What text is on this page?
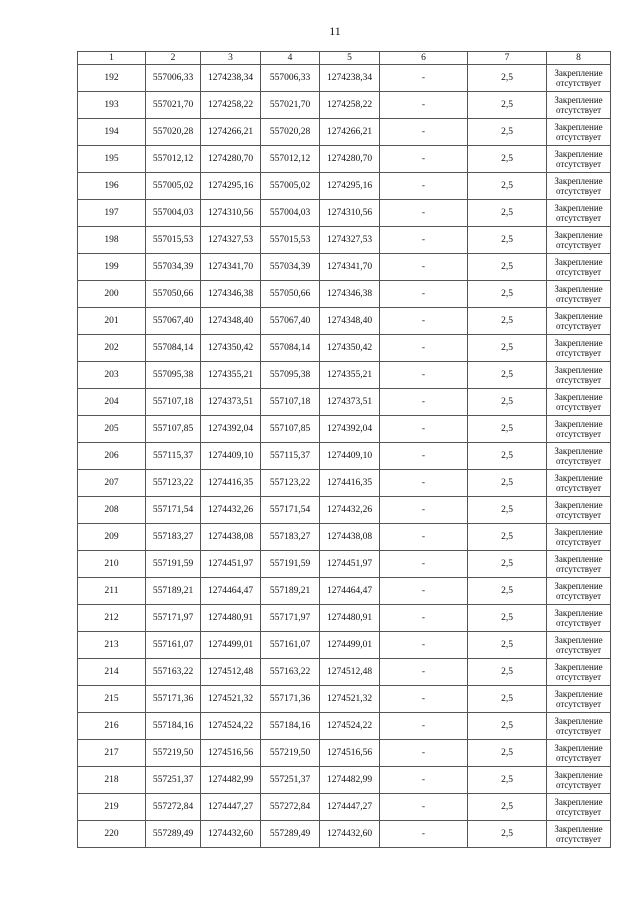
11
1	2	3	4	5	6	7	8
192	557006,33	1274238,34	557006,33	1274238,34	-	2,5	Закрепление отсутствует
193	557021,70	1274258,22	557021,70	1274258,22	-	2,5	Закрепление отсутствует
194	557020,28	1274266,21	557020,28	1274266,21	-	2,5	Закрепление отсутствует
195	557012,12	1274280,70	557012,12	1274280,70	-	2,5	Закрепление отсутствует
196	557005,02	1274295,16	557005,02	1274295,16	-	2,5	Закрепление отсутствует
197	557004,03	1274310,56	557004,03	1274310,56	-	2,5	Закрепление отсутствует
198	557015,53	1274327,53	557015,53	1274327,53	-	2,5	Закрепление отсутствует
199	557034,39	1274341,70	557034,39	1274341,70	-	2,5	Закрепление отсутствует
200	557050,66	1274346,38	557050,66	1274346,38	-	2,5	Закрепление отсутствует
201	557067,40	1274348,40	557067,40	1274348,40	-	2,5	Закрепление отсутствует
202	557084,14	1274350,42	557084,14	1274350,42	-	2,5	Закрепление отсутствует
203	557095,38	1274355,21	557095,38	1274355,21	-	2,5	Закрепление отсутствует
204	557107,18	1274373,51	557107,18	1274373,51	-	2,5	Закрепление отсутствует
205	557107,85	1274392,04	557107,85	1274392,04	-	2,5	Закрепление отсутствует
206	557115,37	1274409,10	557115,37	1274409,10	-	2,5	Закрепление отсутствует
207	557123,22	1274416,35	557123,22	1274416,35	-	2,5	Закрепление отсутствует
208	557171,54	1274432,26	557171,54	1274432,26	-	2,5	Закрепление отсутствует
209	557183,27	1274438,08	557183,27	1274438,08	-	2,5	Закрепление отсутствует
210	557191,59	1274451,97	557191,59	1274451,97	-	2,5	Закрепление отсутствует
211	557189,21	1274464,47	557189,21	1274464,47	-	2,5	Закрепление отсутствует
212	557171,97	1274480,91	557171,97	1274480,91	-	2,5	Закрепление отсутствует
213	557161,07	1274499,01	557161,07	1274499,01	-	2,5	Закрепление отсутствует
214	557163,22	1274512,48	557163,22	1274512,48	-	2,5	Закрепление отсутствует
215	557171,36	1274521,32	557171,36	1274521,32	-	2,5	Закрепление отсутствует
216	557184,16	1274524,22	557184,16	1274524,22	-	2,5	Закрепление отсутствует
217	557219,50	1274516,56	557219,50	1274516,56	-	2,5	Закрепление отсутствует
218	557251,37	1274482,99	557251,37	1274482,99	-	2,5	Закрепление отсутствует
219	557272,84	1274447,27	557272,84	1274447,27	-	2,5	Закрепление отсутствует
220	557289,49	1274432,60	557289,49	1274432,60	-	2,5	Закрепление отсутствует
